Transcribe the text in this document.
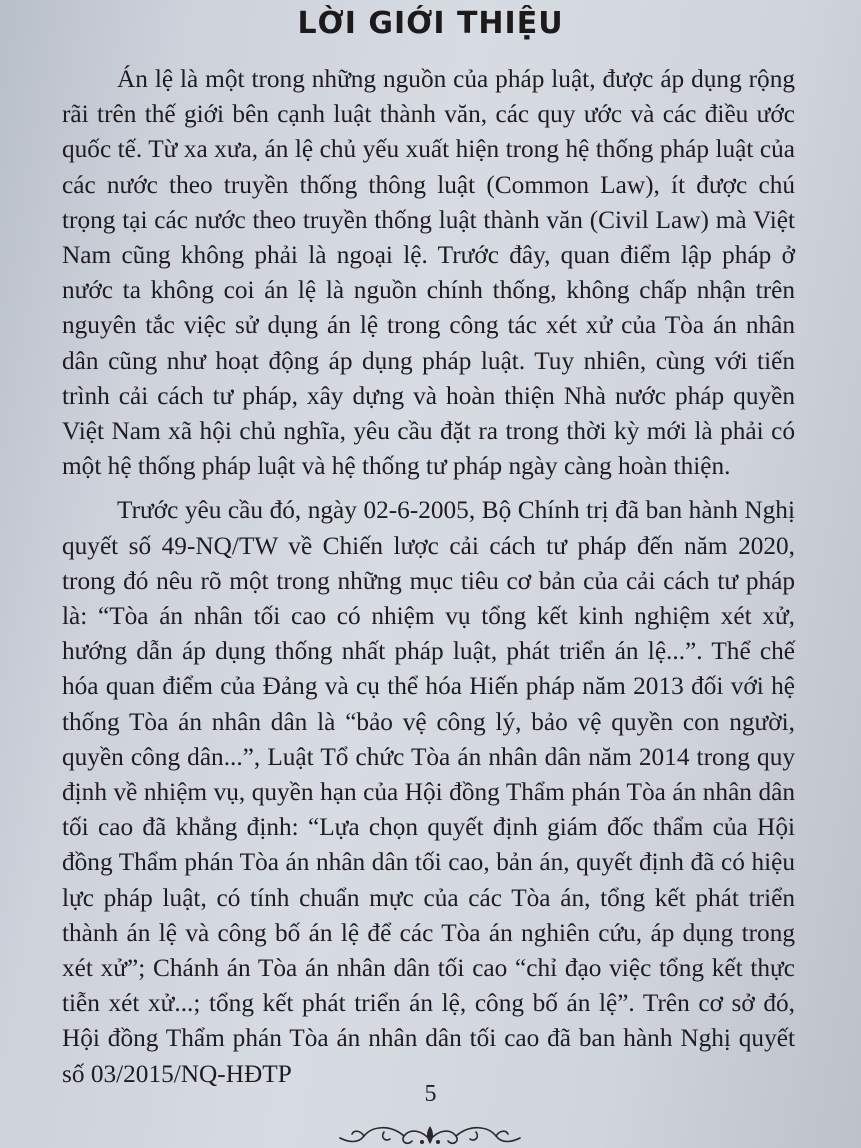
LỜI GIỚI THIỆU

Án lệ là một trong những nguồn của pháp luật, được áp dụng rộng rãi trên thế giới bên cạnh luật thành văn, các quy ước và các điều ước quốc tế. Từ xa xưa, án lệ chủ yếu xuất hiện trong hệ thống pháp luật của các nước theo truyền thống thông luật (Common Law), ít được chú trọng tại các nước theo truyền thống luật thành văn (Civil Law) mà Việt Nam cũng không phải là ngoại lệ. Trước đây, quan điểm lập pháp ở nước ta không coi án lệ là nguồn chính thống, không chấp nhận trên nguyên tắc việc sử dụng án lệ trong công tác xét xử của Tòa án nhân dân cũng như hoạt động áp dụng pháp luật. Tuy nhiên, cùng với tiến trình cải cách tư pháp, xây dựng và hoàn thiện Nhà nước pháp quyền Việt Nam xã hội chủ nghĩa, yêu cầu đặt ra trong thời kỳ mới là phải có một hệ thống pháp luật và hệ thống tư pháp ngày càng hoàn thiện.

Trước yêu cầu đó, ngày 02-6-2005, Bộ Chính trị đã ban hành Nghị quyết số 49-NQ/TW về Chiến lược cải cách tư pháp đến năm 2020, trong đó nêu rõ một trong những mục tiêu cơ bản của cải cách tư pháp là: “Tòa án nhân tối cao có nhiệm vụ tổng kết kinh nghiệm xét xử, hướng dẫn áp dụng thống nhất pháp luật, phát triển án lệ...”. Thể chế hóa quan điểm của Đảng và cụ thể hóa Hiến pháp năm 2013 đối với hệ thống Tòa án nhân dân là “bảo vệ công lý, bảo vệ quyền con người, quyền công dân...”, Luật Tổ chức Tòa án nhân dân năm 2014 trong quy định về nhiệm vụ, quyền hạn của Hội đồng Thẩm phán Tòa án nhân dân tối cao đã khẳng định: “Lựa chọn quyết định giám đốc thẩm của Hội đồng Thẩm phán Tòa án nhân dân tối cao, bản án, quyết định đã có hiệu lực pháp luật, có tính chuẩn mực của các Tòa án, tổng kết phát triển thành án lệ và công bố án lệ để các Tòa án nghiên cứu, áp dụng trong xét xử”; Chánh án Tòa án nhân dân tối cao “chỉ đạo việc tổng kết thực tiễn xét xử...; tổng kết phát triển án lệ, công bố án lệ”. Trên cơ sở đó, Hội đồng Thẩm phán Tòa án nhân dân tối cao đã ban hành Nghị quyết số 03/2015/NQ-HĐTP

5
